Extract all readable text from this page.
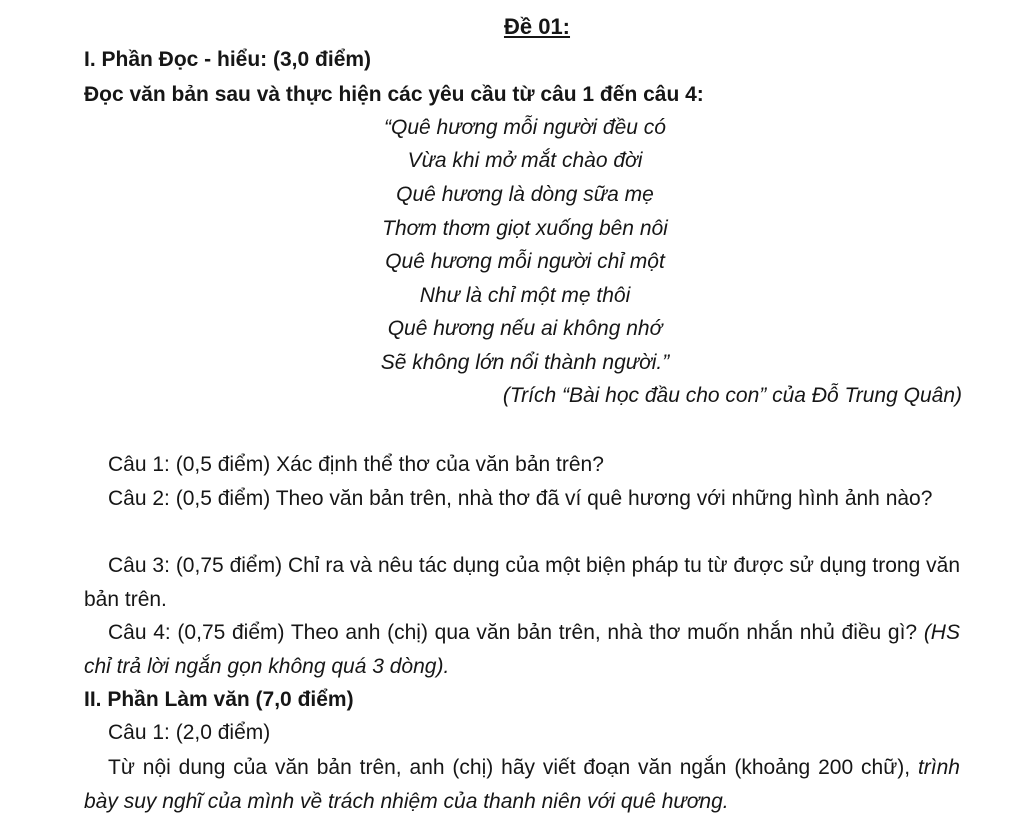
Đề 01:
I. Phần Đọc - hiểu: (3,0 điểm)
Đọc văn bản sau và thực hiện các yêu cầu từ câu 1 đến câu 4:
“Quê hương mỗi người đều có
Vừa khi mở mắt chào đời
Quê hương là dòng sữa mẹ
Thơm thơm giọt xuống bên nôi
Quê hương mỗi người chỉ một
Như là chỉ một mẹ thôi
Quê hương nếu ai không nhớ
Sẽ không lớn nổi thành người.”
(Trích “Bài học đầu cho con” của Đỗ Trung Quân)
Câu 1: (0,5 điểm) Xác định thể thơ của văn bản trên?
Câu 2: (0,5 điểm) Theo văn bản trên, nhà thơ đã ví quê hương với những hình ảnh nào?
Câu 3: (0,75 điểm) Chỉ ra và nêu tác dụng của một biện pháp tu từ được sử dụng trong văn bản trên.
Câu 4: (0,75 điểm) Theo anh (chị) qua văn bản trên, nhà thơ muốn nhắn nhủ điều gì? (HS chỉ trả lời ngắn gọn không quá 3 dòng).
II. Phần Làm văn (7,0 điểm)
Câu 1: (2,0 điểm)
Từ nội dung của văn bản trên, anh (chị) hãy viết đoạn văn ngắn (khoảng 200 chữ), trình bày suy nghĩ của mình về trách nhiệm của thanh niên với quê hương.
